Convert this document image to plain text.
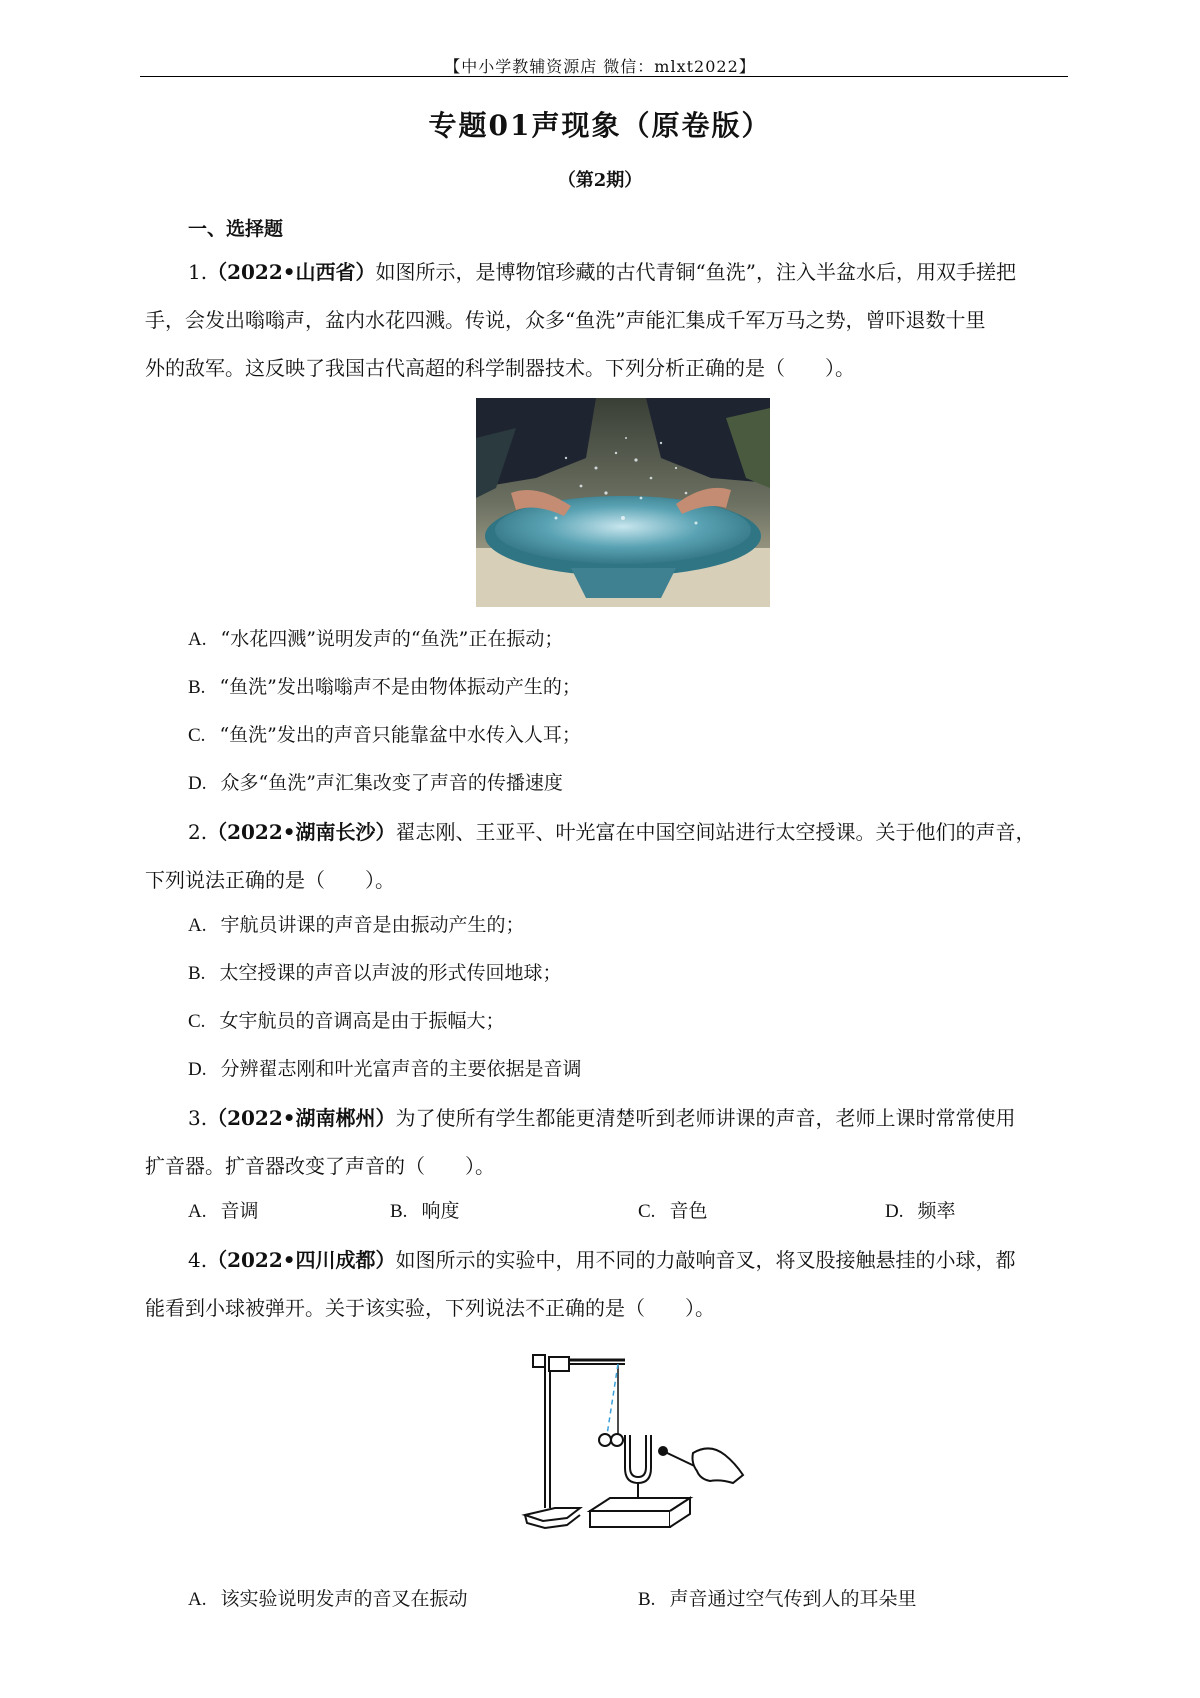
【中小学教辅资源店 微信：mlxt2022】
专题01声现象（原卷版）
（第2期）
一、选择题
1.（2022•山西省）如图所示，是博物馆珍藏的古代青铜“鱼洗”，注入半盆水后，用双手搓把
手，会发出嗡嗡声，盆内水花四溅。传说，众多“鱼洗”声能汇集成千军万马之势，曾吓退数十里
外的敌军。这反映了我国古代高超的科学制器技术。下列分析正确的是（　　）。
A. “水花四溅”说明发声的“鱼洗”正在振动；
B. “鱼洗”发出嗡嗡声不是由物体振动产生的；
C. “鱼洗”发出的声音只能靠盆中水传入人耳；
D. 众多“鱼洗”声汇集改变了声音的传播速度
2.（2022•湖南长沙）翟志刚、王亚平、叶光富在中国空间站进行太空授课。关于他们的声音，
下列说法正确的是（　　）。
A. 宇航员讲课的声音是由振动产生的；
B. 太空授课的声音以声波的形式传回地球；
C. 女宇航员的音调高是由于振幅大；
D. 分辨翟志刚和叶光富声音的主要依据是音调
3.（2022•湖南郴州）为了使所有学生都能更清楚听到老师讲课的声音，老师上课时常常使用
扩音器。扩音器改变了声音的（　　）。
A. 音调	B. 响度	C. 音色	D. 频率
4.（2022•四川成都）如图所示的实验中，用不同的力敲响音叉，将叉股接触悬挂的小球，都
能看到小球被弹开。关于该实验，下列说法不正确的是（　　）。
A. 该实验说明发声的音叉在振动	B. 声音通过空气传到人的耳朵里
